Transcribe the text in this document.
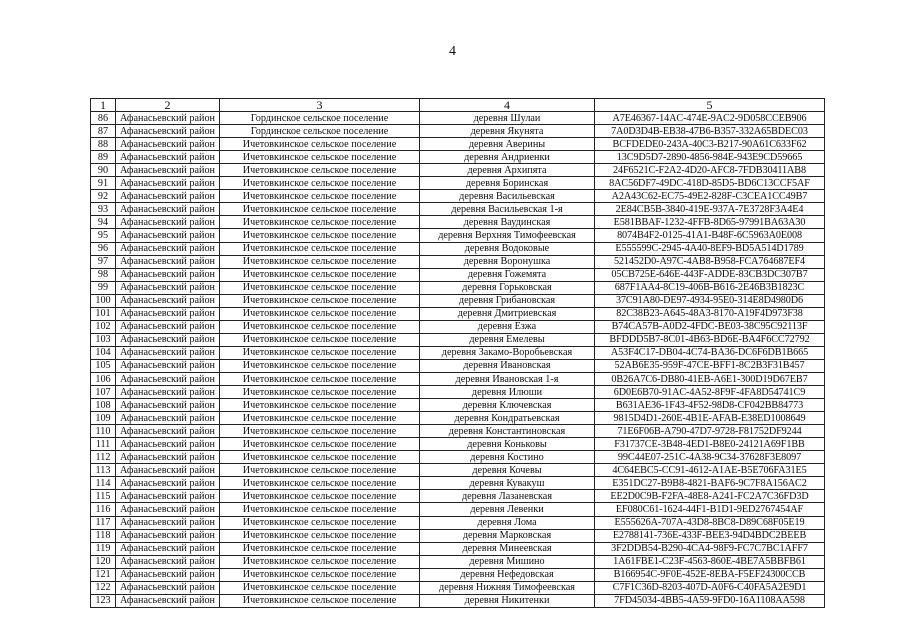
4
1	2	3	4	5
86	Афанасьевский район	Гординское сельское поселение	деревня Шулаи	A7E46367-14AC-474E-9AC2-9D058CCEB906
87	Афанасьевский район	Гординское сельское поселение	деревня Якунята	7A0D3D4B-EB38-47B6-B357-332A65BDEC03
88	Афанасьевский район	Ичетовкинское сельское поселение	деревня Аверины	BCFDEDE0-243A-40C3-B217-90A61C633F62
89	Афанасьевский район	Ичетовкинское сельское поселение	деревня Андриенки	13C9D5D7-2890-4856-984E-943E9CD59665
90	Афанасьевский район	Ичетовкинское сельское поселение	деревня Архипята	24F6521C-F2A2-4D20-AFC8-7FDB30411AB8
91	Афанасьевский район	Ичетовкинское сельское поселение	деревня Боринская	8AC56DF7-49DC-418D-85D5-BD6C13CCF5AF
92	Афанасьевский район	Ичетовкинское сельское поселение	деревня Васильевская	A2A43C62-EC75-49E2-828F-C3CEA1CC49B7
93	Афанасьевский район	Ичетовкинское сельское поселение	деревня Васильевская 1-я	2E84CB5B-3840-419E-937A-7E3728F3A4E4
94	Афанасьевский район	Ичетовкинское сельское поселение	деревня Ваудинская	E581BBAF-1232-4FFB-8D65-97991BA63A30
95	Афанасьевский район	Ичетовкинское сельское поселение	деревня Верхняя Тимофеевская	8074B4F2-0125-41A1-B48F-6C5963A0E008
96	Афанасьевский район	Ичетовкинское сельское поселение	деревня Водоковые	E555599C-2945-4A40-8EF9-BD5A514D1789
97	Афанасьевский район	Ичетовкинское сельское поселение	деревня Воронушка	521452D0-A97C-4AB8-B958-FCA764687EF4
98	Афанасьевский район	Ичетовкинское сельское поселение	деревня Гожемята	05CB725E-646E-443F-ADDE-83CB3DC307B7
99	Афанасьевский район	Ичетовкинское сельское поселение	деревня Горьковская	687F1AA4-8C19-406B-B616-2E46B3B1823C
100	Афанасьевский район	Ичетовкинское сельское поселение	деревня Грибановская	37C91A80-DE97-4934-95E0-314E8D4980D6
101	Афанасьевский район	Ичетовкинское сельское поселение	деревня Дмитриевская	82C38B23-A645-48A3-8170-A19F4D973F38
102	Афанасьевский район	Ичетовкинское сельское поселение	деревня Езжа	B74CA57B-A0D2-4FDC-BE03-38C95C92113F
103	Афанасьевский район	Ичетовкинское сельское поселение	деревня Емелевы	BFDDD5B7-8C01-4B63-BD6E-BA4F6CC72792
104	Афанасьевский район	Ичетовкинское сельское поселение	деревня Закамо-Воробьевская	A53F4C17-DB04-4C74-BA36-DC6F6DB1B665
105	Афанасьевский район	Ичетовкинское сельское поселение	деревня Ивановская	52AB6E35-959F-47CE-BFF1-8C2B3F31B457
106	Афанасьевский район	Ичетовкинское сельское поселение	деревня Ивановская 1-я	0B26A7C6-DB80-41EB-A6E1-300D19D67EB7
107	Афанасьевский район	Ичетовкинское сельское поселение	деревня Илюши	6D0E6B70-91AC-4A52-8F9F-4FA8D54741C9
108	Афанасьевский район	Ичетовкинское сельское поселение	деревня Ключевская	B631AE36-1F43-4F52-98D8-CF042BB84773
109	Афанасьевский район	Ичетовкинское сельское поселение	деревня Кондратьевская	9815D4D1-260E-4B1E-AFAB-E38ED1008649
110	Афанасьевский район	Ичетовкинское сельское поселение	деревня Константиновская	71E6F06B-A790-47D7-9728-F81752DF9244
111	Афанасьевский район	Ичетовкинское сельское поселение	деревня Коньковы	F31737CE-3B48-4ED1-B8E0-24121A69F1BB
112	Афанасьевский район	Ичетовкинское сельское поселение	деревня Костино	99C44E07-251C-4A38-9C34-37628F3E8097
113	Афанасьевский район	Ичетовкинское сельское поселение	деревня Кочевы	4C64EBC5-CC91-4612-A1AE-B5E706FA31E5
114	Афанасьевский район	Ичетовкинское сельское поселение	деревня Кувакуш	E351DC27-B9B8-4821-BAF6-9C7F8A156AC2
115	Афанасьевский район	Ичетовкинское сельское поселение	деревня Лазаневская	EE2D0C9B-F2FA-48E8-A241-FC2A7C36FD3D
116	Афанасьевский район	Ичетовкинское сельское поселение	деревня Левенки	EF080C61-1624-44F1-B1D1-9ED2767454AF
117	Афанасьевский район	Ичетовкинское сельское поселение	деревня Лома	E555626A-707A-43D8-8BC8-D89C68F05E19
118	Афанасьевский район	Ичетовкинское сельское поселение	деревня Марковская	E2788141-736E-433F-BEE3-94D4BDC2BEEB
119	Афанасьевский район	Ичетовкинское сельское поселение	деревня Минеевская	3F2DDB54-B290-4CA4-98F9-FC7C7BC1AFF7
120	Афанасьевский район	Ичетовкинское сельское поселение	деревня Мишино	1A61FBE1-C23F-4563-860E-4BE7A5BBFB61
121	Афанасьевский район	Ичетовкинское сельское поселение	деревня Нефедовская	B166954C-9F0E-452E-8EBA-F5EF24300CCB
122	Афанасьевский район	Ичетовкинское сельское поселение	деревня Нижняя Тимофеевская	C7F1C36D-8203-407D-A0F6-C40FA5A2E9D1
123	Афанасьевский район	Ичетовкинское сельское поселение	деревня Никитенки	7FD45034-4BB5-4A59-9FD0-16A1108AA598
